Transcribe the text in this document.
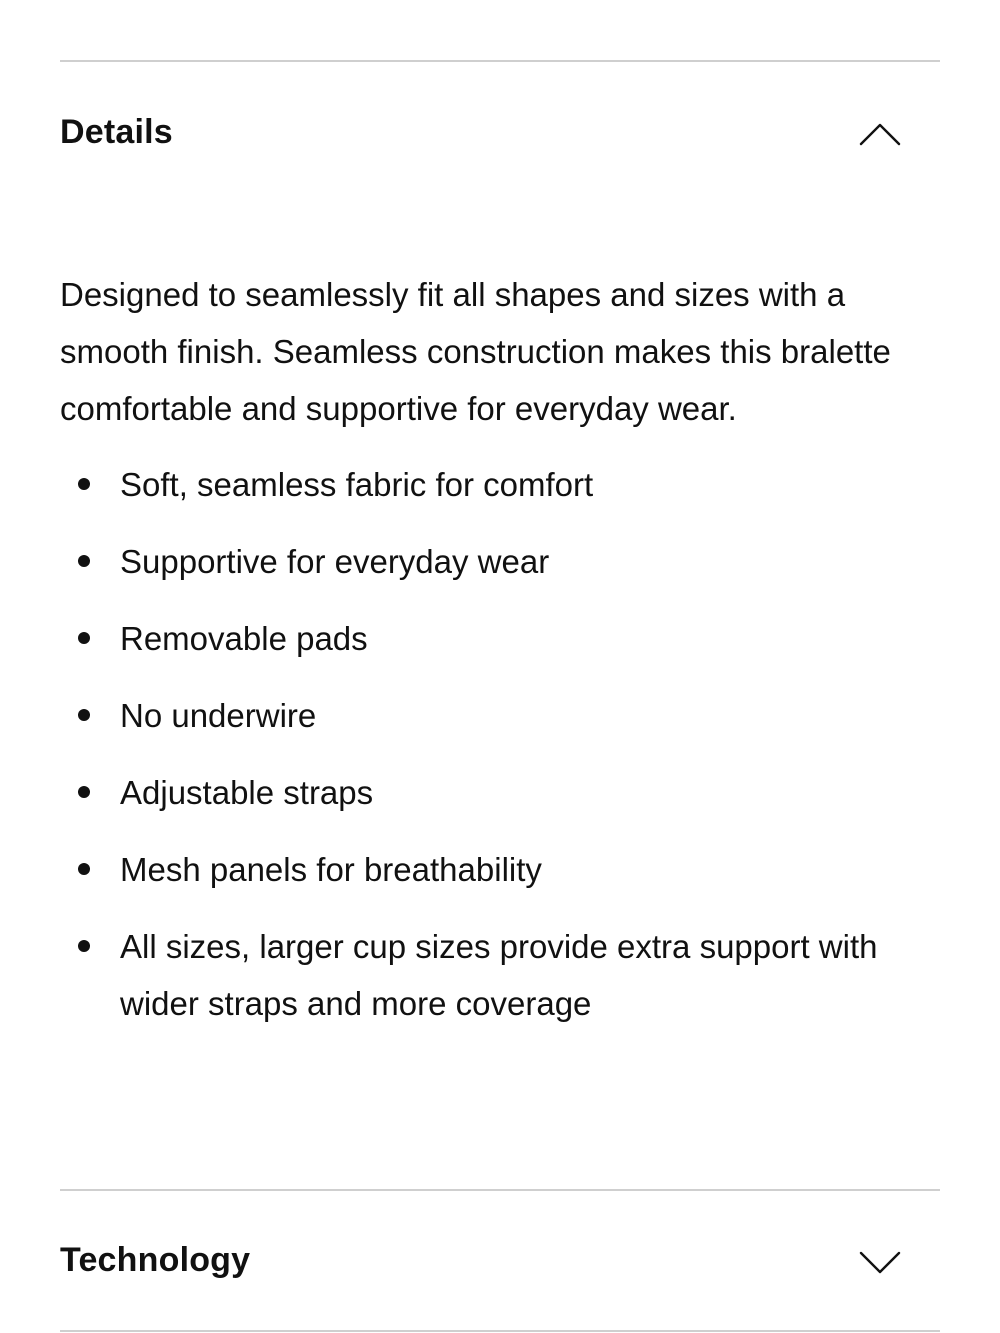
Details

Designed to seamlessly fit all shapes and sizes with a smooth finish. Seamless construction makes this bralette comfortable and supportive for everyday wear.

Soft, seamless fabric for comfort
Supportive for everyday wear
Removable pads
No underwire
Adjustable straps
Mesh panels for breathability
All sizes, larger cup sizes provide extra support with wider straps and more coverage
Technology
